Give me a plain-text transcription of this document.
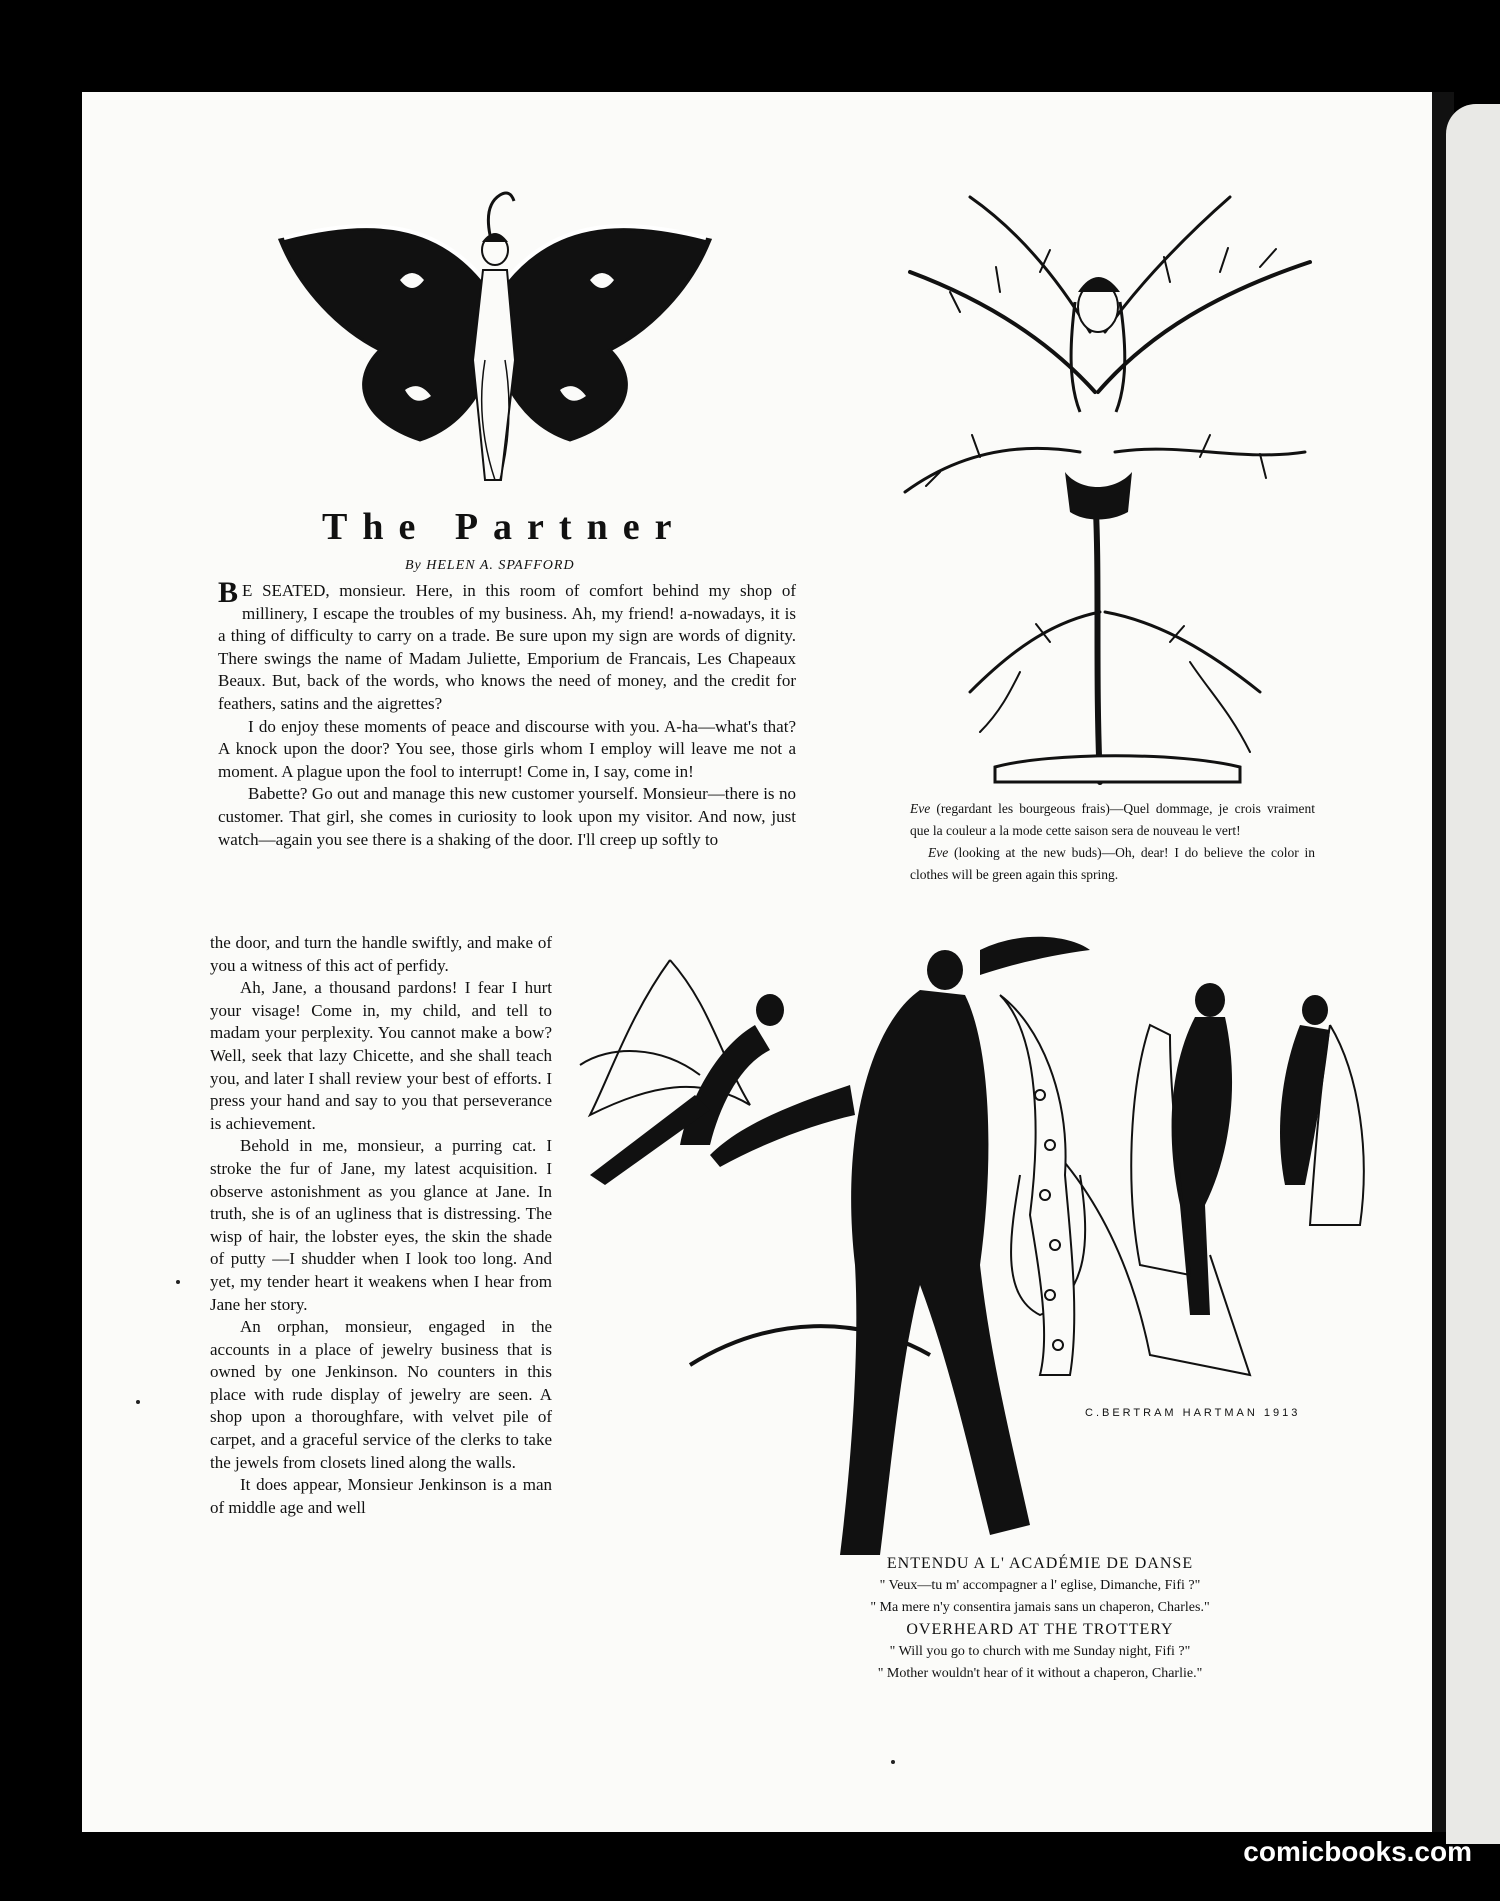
The Partner
By HELEN A. SPAFFORD

B E SEATED, monsieur. Here, in this room of comfort behind my shop of millinery, I escape the troubles of my business. Ah, my friend! a-nowadays, it is a thing of difficulty to carry on a trade. Be sure upon my sign are words of dignity. There swings the name of Madam Juliette, Emporium de Francais, Les Chapeaux Beaux. But, back of the words, who knows the need of money, and the credit for feathers, satins and the aigrettes?

I do enjoy these moments of peace and discourse with you. A-ha—what's that? A knock upon the door? You see, those girls whom I employ will leave me not a moment. A plague upon the fool to interrupt! Come in, I say, come in!

Babette? Go out and manage this new customer yourself. Monsieur—there is no customer. That girl, she comes in curiosity to look upon my visitor. And now, just watch—again you see there is a shaking of the door. I'll creep up softly to

the door, and turn the handle swiftly, and make of you a witness of this act of perfidy.

Ah, Jane, a thousand pardons! I fear I hurt your visage! Come in, my child, and tell to madam your perplexity. You cannot make a bow? Well, seek that lazy Chicette, and she shall teach you, and later I shall review your best of efforts. I press your hand and say to you that perseverance is achievement.

Behold in me, monsieur, a purring cat. I stroke the fur of Jane, my latest acquisition. I observe astonishment as you glance at Jane. In truth, she is of an ugliness that is distressing. The wisp of hair, the lobster eyes, the skin the shade of putty —I shudder when I look too long. And yet, my tender heart it weakens when I hear from Jane her story.

An orphan, monsieur, engaged in the accounts in a place of jewelry business that is owned by one Jenkinson. No counters in this place with rude display of jewelry are seen. A shop upon a thoroughfare, with velvet pile of carpet, and a graceful service of the clerks to take the jewels from closets lined along the walls.

It does appear, Monsieur Jenkinson is a man of middle age and well

Eve (regardant les bourgeous frais)—Quel dommage, je crois vraiment que la couleur a la mode cette saison sera de nouveau le vert!
Eve (looking at the new buds)—Oh, dear! I do believe the color in clothes will be green again this spring.
C.BERTRAM HARTMAN 1913
ENTENDU A L' ACADÉMIE DE DANSE
" Veux—tu m' accompagner a l' eglise, Dimanche, Fifi ?"
" Ma mere n'y consentira jamais sans un chaperon, Charles."
OVERHEARD AT THE TROTTERY
" Will you go to church with me Sunday night, Fifi ?"
" Mother wouldn't hear of it without a chaperon, Charlie."
comicbooks.com
